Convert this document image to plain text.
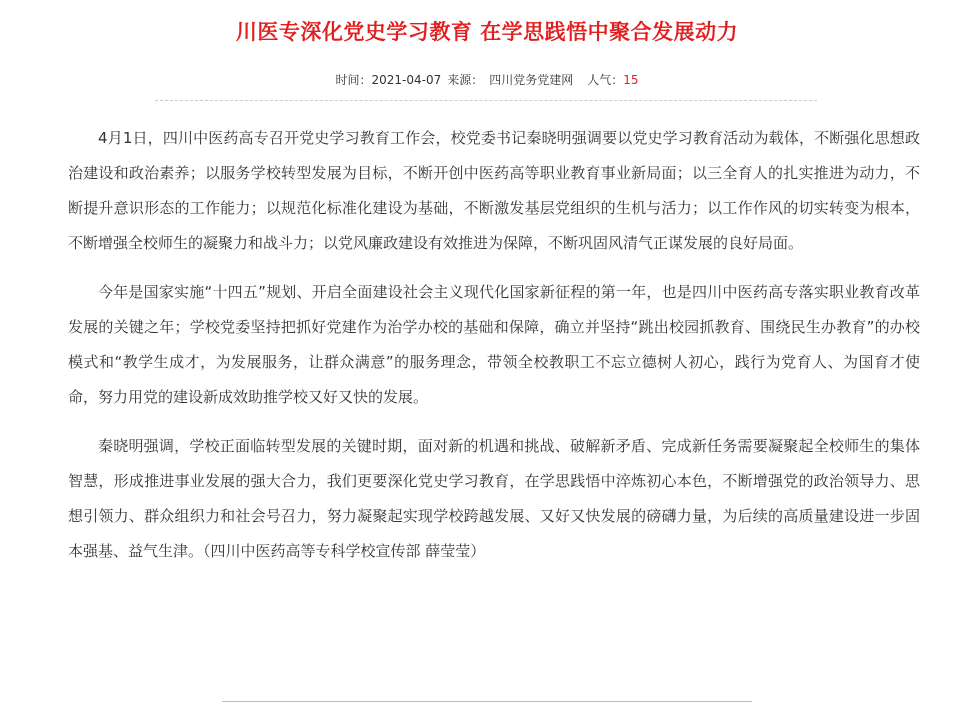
川医专深化党史学习教育 在学思践悟中聚合发展动力
时间：2021-04-07 来源： 四川党务党建网 人气：15

4月1日，四川中医药高专召开党史学习教育工作会，校党委书记秦晓明强调要以党史学习教育活动为载体，不断强化思想政治建设和政治素养；以服务学校转型发展为目标，不断开创中医药高等职业教育事业新局面；以三全育人的扎实推进为动力，不断提升意识形态的工作能力；以规范化标准化建设为基础，不断激发基层党组织的生机与活力；以工作作风的切实转变为根本，不断增强全校师生的凝聚力和战斗力；以党风廉政建设有效推进为保障，不断巩固风清气正谋发展的良好局面。

今年是国家实施“十四五”规划、开启全面建设社会主义现代化国家新征程的第一年，也是四川中医药高专落实职业教育改革发展的关键之年；学校党委坚持把抓好党建作为治学办校的基础和保障，确立并坚持“跳出校园抓教育、围绕民生办教育”的办校模式和“教学生成才，为发展服务，让群众满意”的服务理念，带领全校教职工不忘立德树人初心，践行为党育人、为国育才使命，努力用党的建设新成效助推学校又好又快的发展。

秦晓明强调，学校正面临转型发展的关键时期，面对新的机遇和挑战、破解新矛盾、完成新任务需要凝聚起全校师生的集体智慧，形成推进事业发展的强大合力，我们更要深化党史学习教育，在学思践悟中淬炼初心本色，不断增强党的政治领导力、思想引领力、群众组织力和社会号召力，努力凝聚起实现学校跨越发展、又好又快发展的磅礴力量，为后续的高质量建设进一步固本强基、益气生津。（四川中医药高等专科学校宣传部 薛莹莹）
